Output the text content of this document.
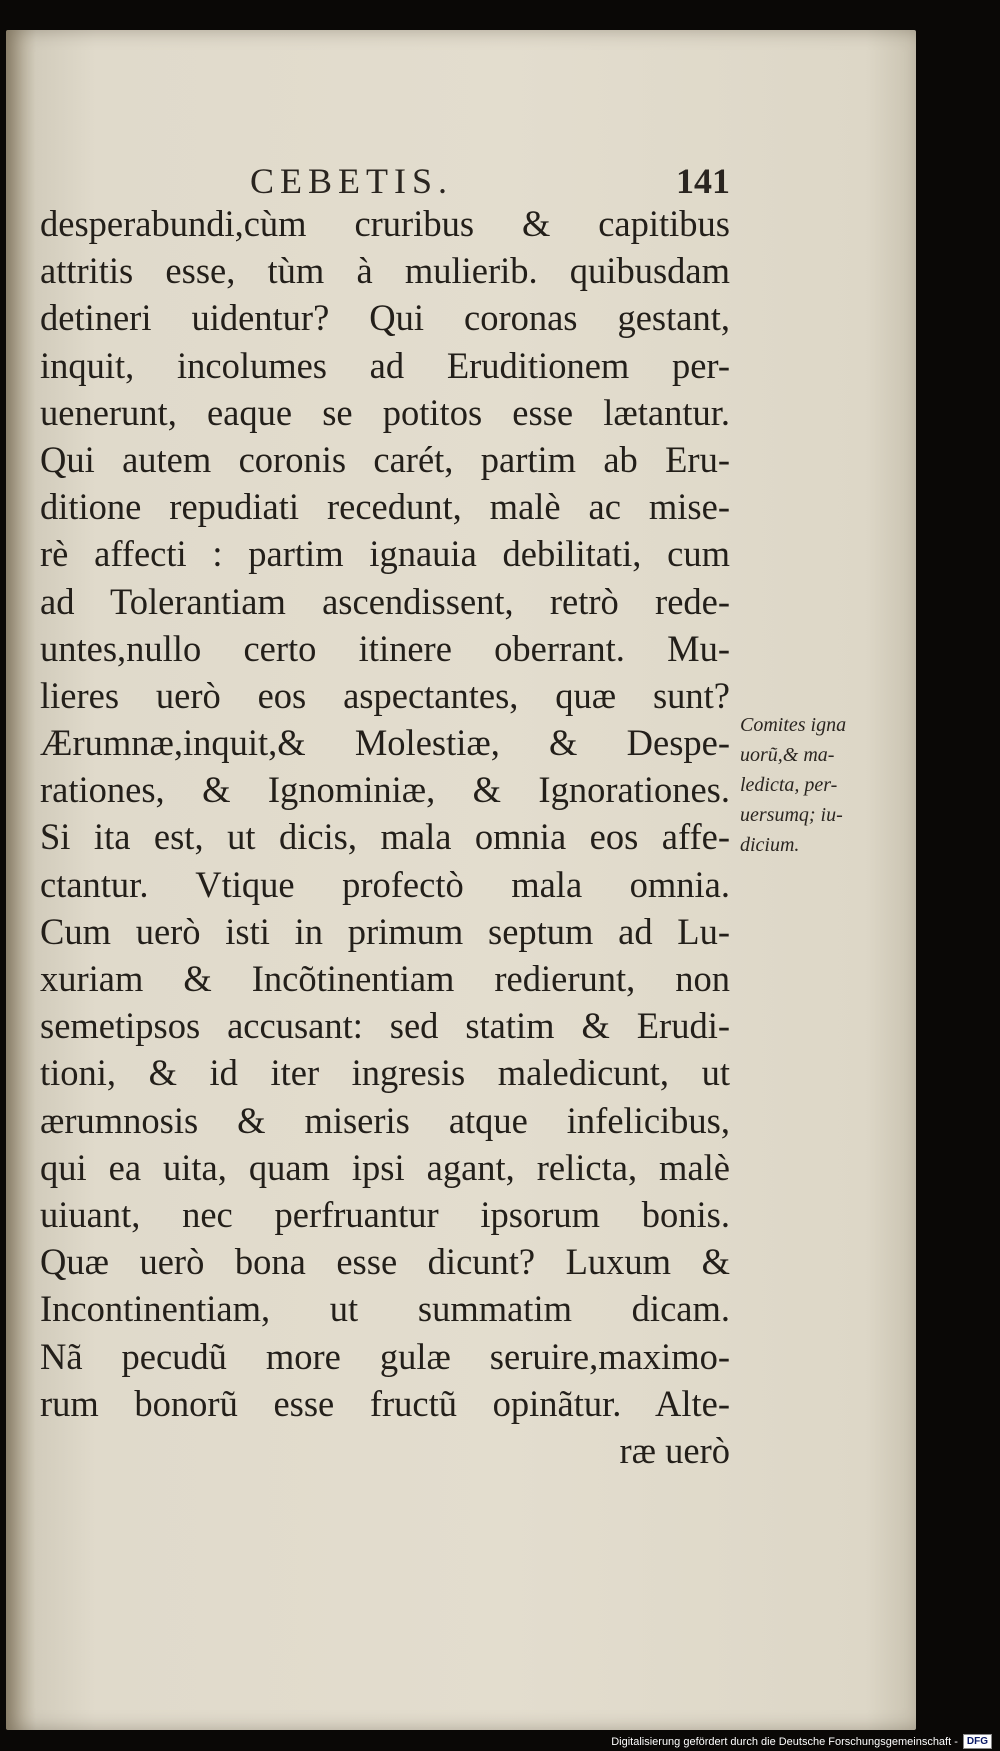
CEBETIS.	141
desperabundi,cùm cruribus & capitibus
attritis esse, tùm à mulierib. quibusdam
detineri uidentur? Qui coronas gestant,
inquit, incolumes ad Eruditionem per-
uenerunt, eaque se potitos esse lætantur.
Qui autem coronis carét, partim ab Eru-
ditione repudiati recedunt, malè ac mise-
rè affecti : partim ignauia debilitati, cum
ad Tolerantiam ascendissent, retrò rede-
untes,nullo certo itinere oberrant. Mu-
lieres uerò eos aspectantes, quæ sunt?
Ærumnæ,inquit,& Molestiæ, & Despe-
rationes, & Ignominiæ, & Ignorationes.
Si ita est, ut dicis, mala omnia eos affe-
ctantur. Vtique profectò mala omnia.
Cum uerò isti in primum septum ad Lu-
xuriam & Incõtinentiam redierunt, non
semetipsos accusant: sed statim & Erudi-
tioni, & id iter ingresis maledicunt, ut
ærumnosis & miseris atque infelicibus,
qui ea uita, quam ipsi agant, relicta, malè
uiuant, nec perfruantur ipsorum bonis.
Quæ uerò bona esse dicunt? Luxum &
Incontinentiam, ut summatim dicam.
Nã pecudũ more gulæ seruire,maximo-
rum bonorũ esse fructũ opinãtur. Alte-
ræ uerò
Comites igna
uorũ,& ma-
ledicta, per-
uersumq; iu-
dicium.
Digitalisierung gefördert durch die Deutsche Forschungsgemeinschaft - DFG
